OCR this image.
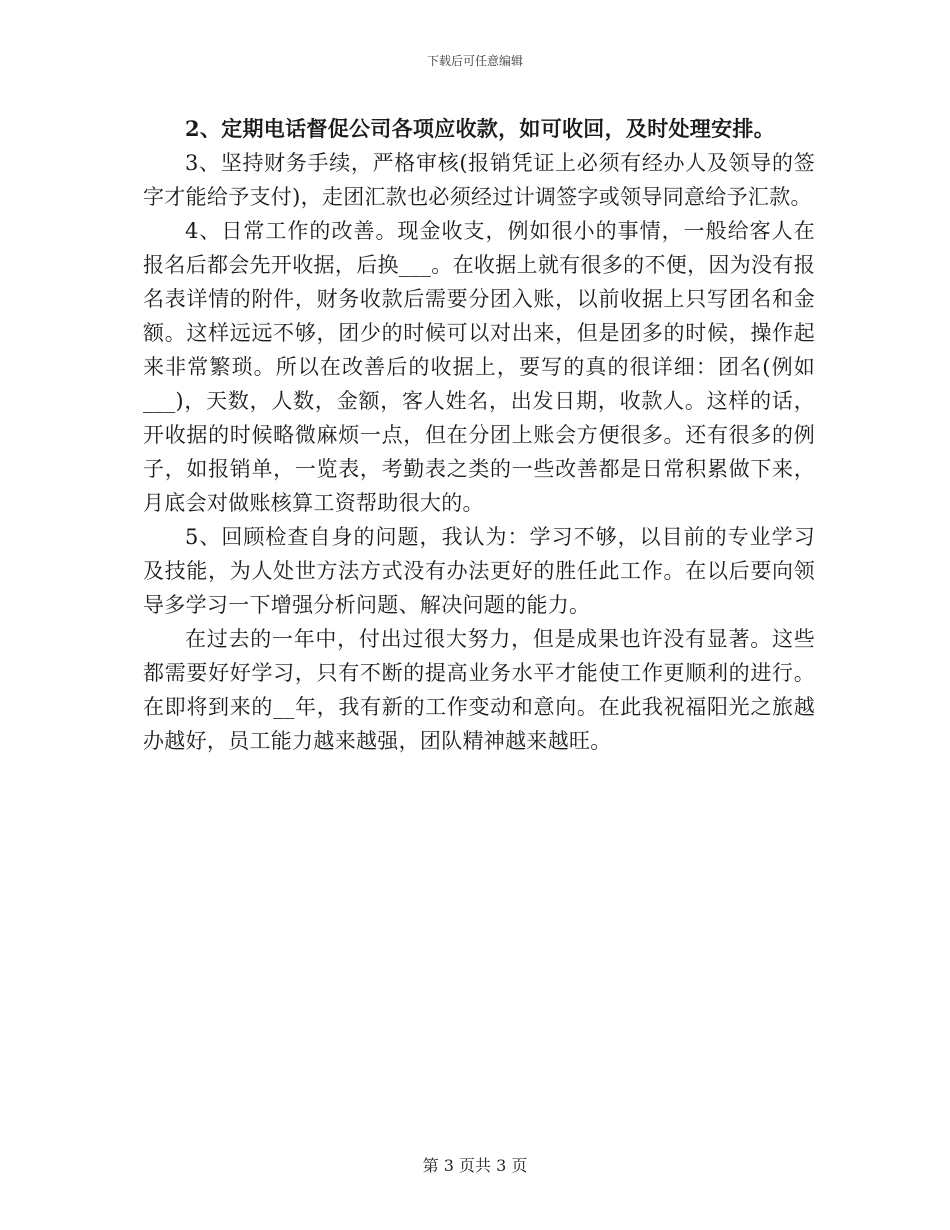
下载后可任意编辑

2、定期电话督促公司各项应收款，如可收回，及时处理安排。

3、坚持财务手续，严格审核(报销凭证上必须有经办人及领导的签字才能给予支付)，走团汇款也必须经过计调签字或领导同意给予汇款。

4、日常工作的改善。现金收支，例如很小的事情，一般给客人在报名后都会先开收据，后换___。在收据上就有很多的不便，因为没有报名表详情的附件，财务收款后需要分团入账，以前收据上只写团名和金额。这样远远不够，团少的时候可以对出来，但是团多的时候，操作起来非常繁琐。所以在改善后的收据上，要写的真的很详细：团名(例如___)，天数，人数，金额，客人姓名，出发日期，收款人。这样的话，开收据的时候略微麻烦一点，但在分团上账会方便很多。还有很多的例子，如报销单，一览表，考勤表之类的一些改善都是日常积累做下来，月底会对做账核算工资帮助很大的。

5、回顾检查自身的问题，我认为：学习不够，以目前的专业学习及技能，为人处世方法方式没有办法更好的胜任此工作。在以后要向领导多学习一下增强分析问题、解决问题的能力。

在过去的一年中，付出过很大努力，但是成果也许没有显著。这些都需要好好学习，只有不断的提高业务水平才能使工作更顺利的进行。在即将到来的__年，我有新的工作变动和意向。在此我祝福阳光之旅越办越好，员工能力越来越强，团队精神越来越旺。

第 3 页共 3 页
